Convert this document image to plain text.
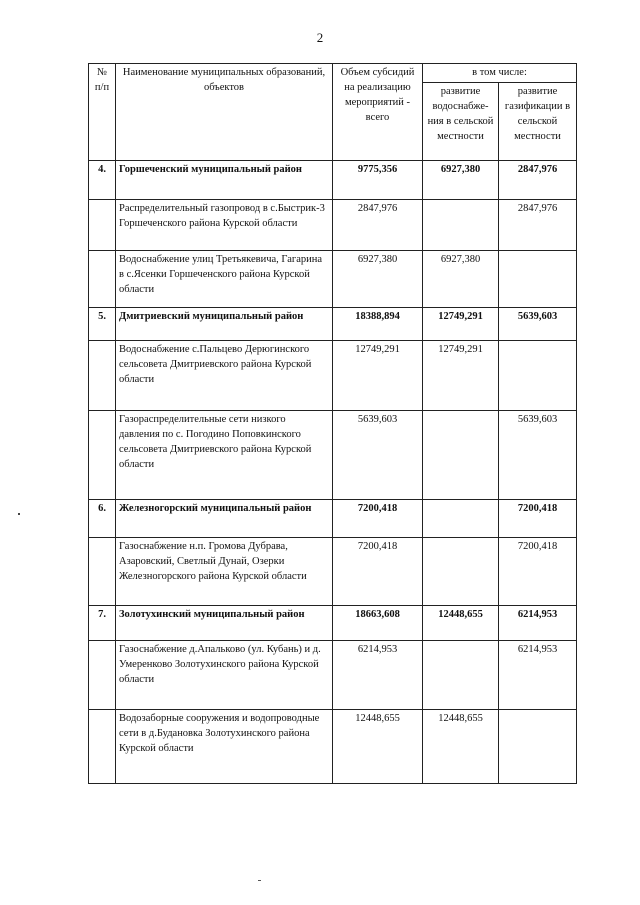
2
№ п/п	Наименование муниципальных образований, объектов	Объем субсидий на реализацию мероприятий - всего	в том числе:	
			развитие водоснабже-ния в сельской местности	развитие газификации в сельской местности
4.	Горшеченский муниципальный район	9775,356	6927,380	2847,976
	Распределительный газопровод в с.Быстрик-3 Горшеченского района Курской области	2847,976		2847,976
	Водоснабжение улиц Третьякевича, Гагарина в с.Ясенки Горшеченского района Курской области	6927,380	6927,380	
5.	Дмитриевский муниципальный район	18388,894	12749,291	5639,603
	Водоснабжение с.Пальцево Дерюгинского сельсовета Дмитриевского района Курской области	12749,291	12749,291	
	Газораспределительные сети низкого давления по с. Погодино Поповкинского сельсовета Дмитриевского района Курской области	5639,603		5639,603
6.	Железногорский муниципальный район	7200,418		7200,418
	Газоснабжение н.п. Громова Дубрава, Азаровский, Светлый Дунай, Озерки Железногорского района Курской области	7200,418		7200,418
7.	Золотухинский муниципальный район	18663,608	12448,655	6214,953
	Газоснабжение д.Апальково (ул. Кубань) и д. Умеренково Золотухинского района Курской области	6214,953		6214,953
	Водозаборные сооружения и водопроводные сети в д.Будановка Золотухинского района Курской области	12448,655	12448,655	
